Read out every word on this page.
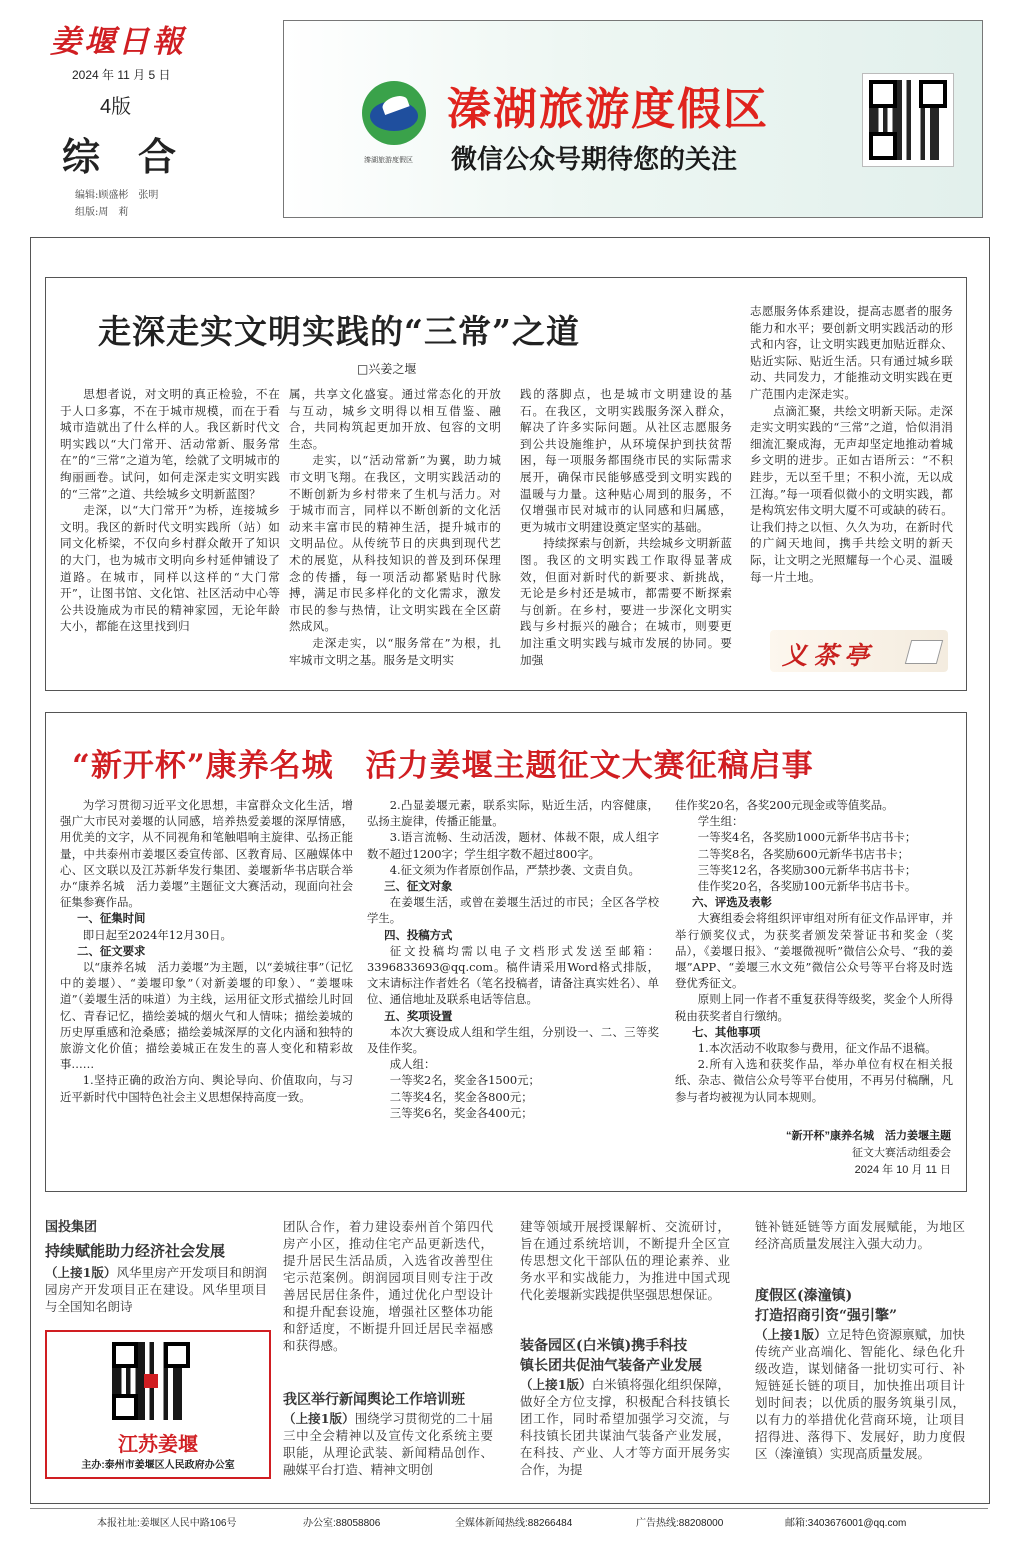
姜堰日報
2024 年 11 月 5 日
4版
综　合
编辑:顾盛彬　张明
组版:周　莉
溱湖旅游度假区
溱湖旅游度假区
微信公众号期待您的关注
走深走实文明实践的“三常”之道
□兴姜之堰

思想者说，对文明的真正检验，不在于人口多寡，不在于城市规模，而在于看城市造就出了什么样的人。我区新时代文明实践以“大门常开、活动常新、服务常在”的“三常”之道为笔，绘就了文明城市的绚丽画卷。试问，如何走深走实文明实践的“三常”之道、共绘城乡文明新蓝图？

走深，以“大门常开”为桥，连接城乡文明。我区的新时代文明实践所（站）如同文化桥梁，不仅向乡村群众敞开了知识的大门，也为城市文明向乡村延伸铺设了道路。在城市，同样以这样的“大门常开”，让图书馆、文化馆、社区活动中心等公共设施成为市民的精神家园，无论年龄大小，都能在这里找到归

属，共享文化盛宴。通过常态化的开放与互动，城乡文明得以相互借鉴、融合，共同构筑起更加开放、包容的文明生态。

走实，以“活动常新”为翼，助力城市文明飞翔。在我区，文明实践活动的不断创新为乡村带来了生机与活力。对于城市而言，同样以不断创新的文化活动来丰富市民的精神生活，提升城市的文明品位。从传统节日的庆典到现代艺术的展览，从科技知识的普及到环保理念的传播，每一项活动都紧贴时代脉搏，满足市民多样化的文化需求，激发市民的参与热情，让文明实践在全区蔚然成风。

走深走实，以“服务常在”为根，扎牢城市文明之基。服务是文明实

践的落脚点，也是城市文明建设的基石。在我区，文明实践服务深入群众，解决了许多实际问题。从社区志愿服务到公共设施维护，从环境保护到扶贫帮困，每一项服务都围绕市民的实际需求展开，确保市民能够感受到文明实践的温暖与力量。这种贴心周到的服务，不仅增强市民对城市的认同感和归属感，更为城市文明建设奠定坚实的基础。

持续探索与创新，共绘城乡文明新蓝图。我区的文明实践工作取得显著成效，但面对新时代的新要求、新挑战，无论是乡村还是城市，都需要不断探索与创新。在乡村，要进一步深化文明实践与乡村振兴的融合；在城市，则要更加注重文明实践与城市发展的协同。要加强

志愿服务体系建设，提高志愿者的服务能力和水平；要创新文明实践活动的形式和内容，让文明实践更加贴近群众、贴近实际、贴近生活。只有通过城乡联动、共同发力，才能推动文明实践在更广范围内走深走实。

点滴汇聚，共绘文明新天际。走深走实文明实践的“三常”之道，恰似涓涓细流汇聚成海，无声却坚定地推动着城乡文明的进步。正如古语所云：“不积跬步，无以至千里；不积小流，无以成江海。”每一项看似微小的文明实践，都是构筑宏伟文明大厦不可或缺的砖石。让我们持之以恒、久久为功，在新时代的广阔天地间，携手共绘文明的新天际，让文明之光照耀每一个心灵、温暖每一片土地。

义茶亭
“新开杯”康养名城　活力姜堰主题征文大赛征稿启事

为学习贯彻习近平文化思想，丰富群众文化生活，增强广大市民对姜堰的认同感，培养热爱姜堰的深厚情感，用优美的文字，从不同视角和笔触唱响主旋律、弘扬正能量，中共泰州市姜堰区委宣传部、区教育局、区融媒体中心、区文联以及江苏新华发行集团、姜堰新华书店联合举办“康养名城　活力姜堰”主题征文大赛活动，现面向社会征集参赛作品。

一、征集时间

即日起至2024年12月30日。

二、征文要求

以“康养名城　活力姜堰”为主题，以“姜城往事”（记忆中的姜堰）、“姜堰印象”（对新姜堰的印象）、“姜堰味道”（姜堰生活的味道）为主线，运用征文形式描绘儿时回忆、青春记忆，描绘姜城的烟火气和人情味；描绘姜城的历史厚重感和沧桑感；描绘姜城深厚的文化内涵和独特的旅游文化价值；描绘姜城正在发生的喜人变化和精彩故事……

1.坚持正确的政治方向、舆论导向、价值取向，与习近平新时代中国特色社会主义思想保持高度一致。

2.凸显姜堰元素，联系实际，贴近生活，内容健康，弘扬主旋律，传播正能量。

3.语言流畅、生动活泼，题材、体裁不限，成人组字数不超过1200字；学生组字数不超过800字。

4.征文须为作者原创作品，严禁抄袭、文责自负。

三、征文对象

在姜堰生活，或曾在姜堰生活过的市民；全区各学校学生。

四、投稿方式

征文投稿均需以电子文档形式发送至邮箱：3396833693@qq.com。稿件请采用Word格式排版，文末请标注作者姓名（笔名投稿者，请备注真实姓名）、单位、通信地址及联系电话等信息。

五、奖项设置

本次大赛设成人组和学生组，分别设一、二、三等奖及佳作奖。

成人组：

一等奖2名，奖金各1500元；

二等奖4名，奖金各800元；

三等奖6名，奖金各400元；

佳作奖20名，各奖200元现金或等值奖品。

学生组：

一等奖4名，各奖励1000元新华书店书卡；

二等奖8名，各奖励600元新华书店书卡；

三等奖12名，各奖励300元新华书店书卡；

佳作奖20名，各奖励100元新华书店书卡。

六、评选及表彰

大赛组委会将组织评审组对所有征文作品评审，并举行颁奖仪式，为获奖者颁发荣誉证书和奖金（奖品），《姜堰日报》、“姜堰微视听”微信公众号、“我的姜堰”APP、“姜堰三水文苑”微信公众号等平台将及时选登优秀征文。

原则上同一作者不重复获得等级奖，奖金个人所得税由获奖者自行缴纳。

七、其他事项

1.本次活动不收取参与费用，征文作品不退稿。

2.所有入选和获奖作品，举办单位有权在相关报纸、杂志、微信公众号等平台使用，不再另付稿酬，凡参与者均被视为认同本规则。

“新开杯”康养名城　活力姜堰主题
征文大赛活动组委会
2024 年 10 月 11 日
国投集团
持续赋能助力经济社会发展
（上接1版）风华里房产开发项目和朗润园房产开发项目正在建设。风华里项目与全国知名朗诗
江苏姜堰
主办:泰州市姜堰区人民政府办公室
团队合作，着力建设泰州首个第四代房产小区，推动住宅产品更新迭代，提升居民生活品质，入选省改善型住宅示范案例。朗润园项目则专注于改善居民居住条件，通过优化户型设计和提升配套设施，增强社区整体功能和舒适度，不断提升回迁居民幸福感和获得感。
我区举行新闻舆论工作培训班
（上接1版）围绕学习贯彻党的二十届三中全会精神以及宣传文化系统主要职能，从理论武装、新闻精品创作、融媒平台打造、精神文明创
建等领域开展授课解析、交流研讨，旨在通过系统培训，不断提升全区宣传思想文化干部队伍的理论素养、业务水平和实战能力，为推进中国式现代化姜堰新实践提供坚强思想保证。
装备园区(白米镇)携手科技
镇长团共促油气装备产业发展
（上接1版）白米镇将强化组织保障，做好全方位支撑，积极配合科技镇长团工作，同时希望加强学习交流，与科技镇长团共谋油气装备产业发展，在科技、产业、人才等方面开展务实合作，为提
链补链延链等方面发展赋能，为地区经济高质量发展注入强大动力。
度假区(溱潼镇)
打造招商引资“强引擎”
（上接1版）立足特色资源禀赋，加快传统产业高端化、智能化、绿色化升级改造，谋划储备一批切实可行、补短链延长链的项目，加快推出项目计划时间表；以优质的服务筑巢引凤，以有力的举措优化营商环境，让项目招得进、落得下、发展好，助力度假区（溱潼镇）实现高质量发展。
本报社址:姜堰区人民中路106号	办公室:88058806	全媒体新闻热线:88266484	广告热线:88208000	邮箱:3403676001@qq.com
